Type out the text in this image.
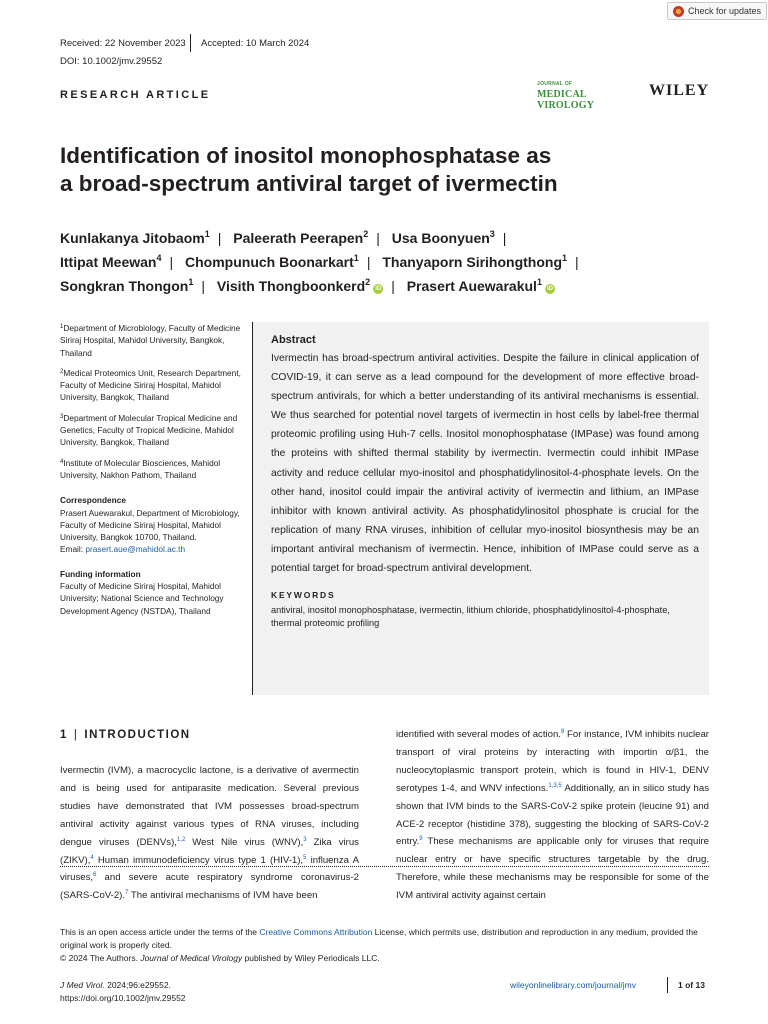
Check for updates
Received: 22 November 2023 Accepted: 10 March 2024
DOI: 10.1002/jmv.29552
RESEARCH ARTICLE
JOURNAL OF
MEDICAL VIROLOGY
WILEY
Identification of inositol monophosphatase as
a broad-spectrum antiviral target of ivermectin
Kunlakanya Jitobaom$^1$ | Paleerath Peerapen$^2$ | Usa Boonyuen$^3$ |
Ittipat Meewan$^4$ | Chompunuch Boonarkart$^1$ | Thanyaporn Sirihongthong$^1$ |
Songkran Thongon$^1$ | Visith Thongboonkerd$^2$iD | Prasert Auewarakul$^1$iD

$^1$Department of Microbiology, Faculty of Medicine Siriraj Hospital, Mahidol University, Bangkok, Thailand

$^2$Medical Proteomics Unit, Research Department, Faculty of Medicine Siriraj Hospital, Mahidol University, Bangkok, Thailand

$^3$Department of Molecular Tropical Medicine and Genetics, Faculty of Tropical Medicine, Mahidol University, Bangkok, Thailand

$^4$Institute of Molecular Biosciences, Mahidol University, Nakhon Pathom, Thailand

Correspondence

Prasert Auewarakul, Department of Microbiology, Faculty of Medicine Siriraj Hospital, Mahidol University, Bangkok 10700, Thailand.

Email: prasert.aue@mahidol.ac.th

Funding information

Faculty of Medicine Siriraj Hospital, Mahidol University; National Science and Technology Development Agency (NSTDA), Thailand

Abstract
Ivermectin has broad-spectrum antiviral activities. Despite the failure in clinical application of COVID-19, it can serve as a lead compound for the development of more effective broad-spectrum antivirals, for which a better understanding of its antiviral mechanisms is essential. We thus searched for potential novel targets of ivermectin in host cells by label-free thermal proteomic profiling using Huh-7 cells. Inositol monophosphatase (IMPase) was found among the proteins with shifted thermal stability by ivermectin. Ivermectin could inhibit IMPase activity and reduce cellular myo-inositol and phosphatidylinositol-4-phosphate levels. On the other hand, inositol could impair the antiviral activity of ivermectin and lithium, an IMPase inhibitor with known antiviral activity. As phosphatidylinositol phosphate is crucial for the replication of many RNA viruses, inhibition of cellular myo-inositol biosynthesis may be an important antiviral mechanism of ivermectin. Hence, inhibition of IMPase could serve as a potential target for broad-spectrum antiviral development.
KEYWORDS
antiviral, inositol monophosphatase, ivermectin, lithium chloride, phosphatidylinositol-4-phosphate, thermal proteomic profiling
1 | INTRODUCTION
Ivermectin (IVM), a macrocyclic lactone, is a derivative of avermectin and is being used for antiparasite medication. Several previous studies have demonstrated that IVM possesses broad-spectrum antiviral activity against various types of RNA viruses, including dengue viruses (DENVs),$^{1,2}$ West Nile virus (WNV),$^3$ Zika virus (ZIKV),$^4$ Human immunodeficiency virus type 1 (HIV-1),$^5$ influenza A viruses,$^6$ and severe acute respiratory syndrome coronavirus-2 (SARS-CoV-2).$^7$ The antiviral mechanisms of IVM have been
identified with several modes of action.$^8$ For instance, IVM inhibits nuclear transport of viral proteins by interacting with importin α/β1, the nucleocytoplasmic transport protein, which is found in HIV-1, DENV serotypes 1-4, and WNV infections.$^{1,3,5}$ Additionally, an in silico study has shown that IVM binds to the SARS-CoV-2 spike protein (leucine 91) and ACE-2 receptor (histidine 378), suggesting the blocking of SARS-CoV-2 entry.$^9$ These mechanisms are applicable only for viruses that require nuclear entry or have specific structures targetable by the drug. Therefore, while these mechanisms may be responsible for some of the IVM antiviral activity against certain
This is an open access article under the terms of the Creative Commons Attribution License, which permits use, distribution and reproduction in any medium, provided the original work is properly cited.
© 2024 The Authors. Journal of Medical Virology published by Wiley Periodicals LLC.
J Med Virol. 2024;96:e29552.
https://doi.org/10.1002/jmv.29552
wileyonlinelibrary.com/journal/jmv	1 of 13
